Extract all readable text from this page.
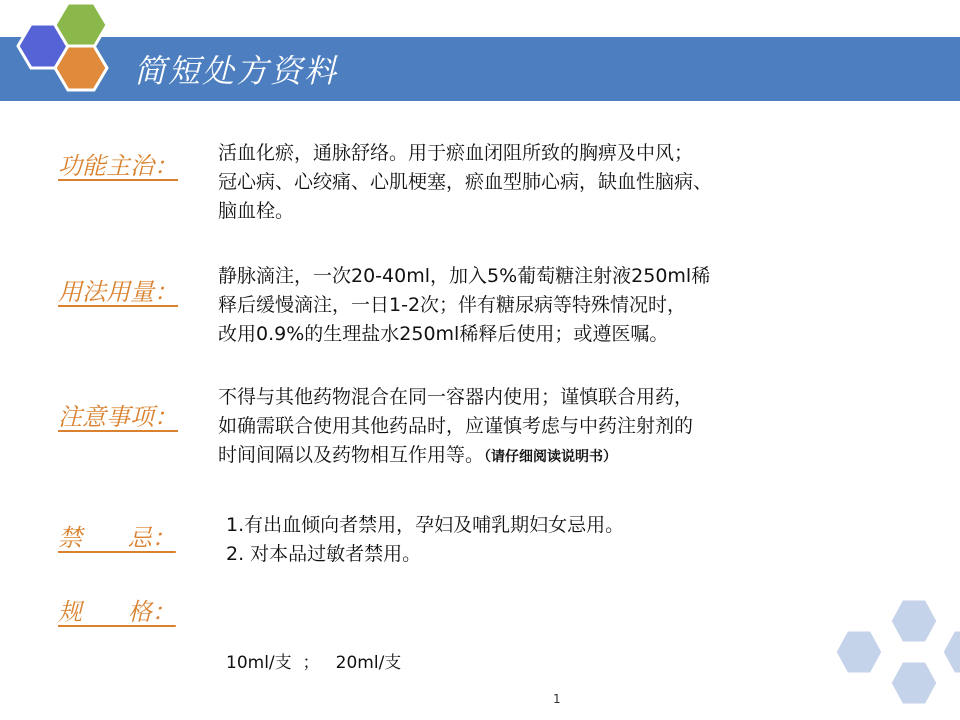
简短处方资料
功能主治： 活血化瘀，通脉舒络。用于瘀血闭阻所致的胸痹及中风；
冠心病、心绞痛、心肌梗塞，瘀血型肺心病，缺血性脑病、
脑血栓。
用法用量：
静脉滴注，一次20-40ml，加入5%葡萄糖注射液250ml稀
释后缓慢滴注，一日1-2次；伴有糖尿病等特殊情况时，
改用0.9%的生理盐水250ml稀释后使用；或遵医嘱。
注意事项：
不得与其他药物混合在同一容器内使用；谨慎联合用药，
如确需联合使用其他药品时，应谨慎考虑与中药注射剂的
时间间隔以及药物相互作用等。（请仔细阅读说明书）
禁      忌：	1.有出血倾向者禁用，孕妇及哺乳期妇女忌用。
2. 对本品过敏者禁用。
规      格：

10ml/支  ；   20ml/支

1
